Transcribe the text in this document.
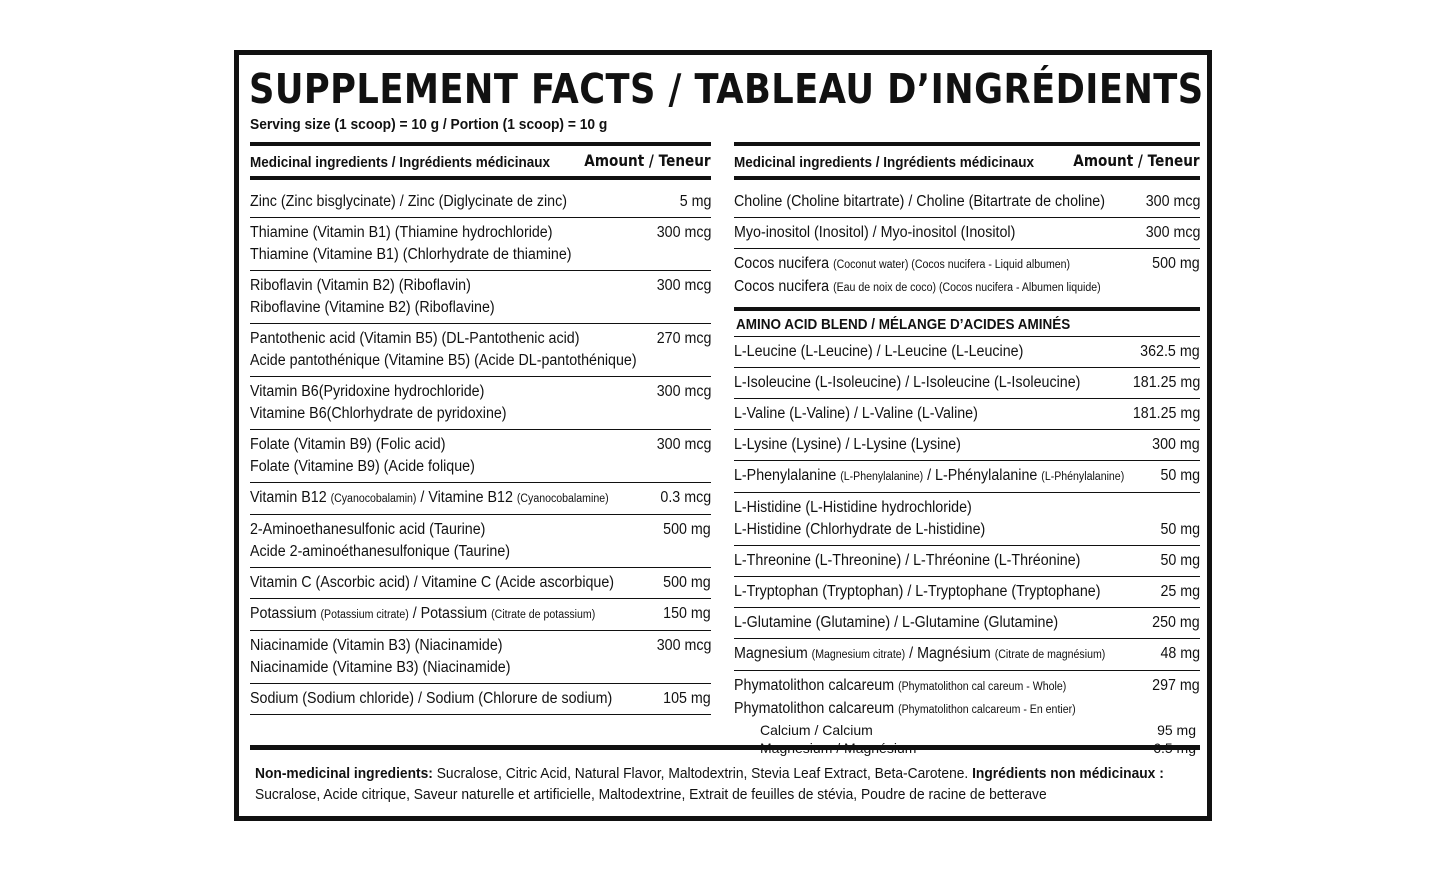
SUPPLEMENT FACTS / TABLEAU D’INGRÉDIENTS
Serving size (1 scoop) = 10 g / Portion (1 scoop) = 10 g
Medicinal ingredients / Ingrédients médicinaux Amount / Teneur
Zinc (Zinc bisglycinate) / Zinc (Diglycinate de zinc)	5 mg
Thiamine (Vitamin B1) (Thiamine hydrochloride)
Thiamine (Vitamine B1) (Chlorhydrate de thiamine)
300 mcg
Riboflavin (Vitamin B2) (Riboflavin)
Riboflavine (Vitamine B2) (Riboflavine)
300 mcg
Pantothenic acid (Vitamin B5) (DL-Pantothenic acid)
Acide pantothénique (Vitamine B5) (Acide DL-pantothénique)
270 mcg
Vitamin B6(Pyridoxine hydrochloride)
Vitamine B6(Chlorhydrate de pyridoxine)
300 mcg
Folate (Vitamin B9) (Folic acid)
Folate (Vitamine B9) (Acide folique)
300 mcg
Vitamin B12 (Cyanocobalamin) / Vitamine B12 (Cyanocobalamine)	0.3 mcg
2-Aminoethanesulfonic acid (Taurine)
Acide 2-aminoéthanesulfonique (Taurine)
500 mg
Vitamin C (Ascorbic acid) / Vitamine C (Acide ascorbique)	500 mg
Potassium (Potassium citrate) / Potassium (Citrate de potassium)	150 mg
Niacinamide (Vitamin B3) (Niacinamide)
Niacinamide (Vitamine B3) (Niacinamide)
300 mcg
Sodium (Sodium chloride) / Sodium (Chlorure de sodium)	105 mg
Medicinal ingredients / Ingrédients médicinaux Amount / Teneur
Choline (Choline bitartrate) / Choline (Bitartrate de choline)	300 mcg
Myo-inositol (Inositol) / Myo-inositol (Inositol)	300 mcg
Cocos nucifera (Coconut water) (Cocos nucifera - Liquid albumen)
Cocos nucifera (Eau de noix de coco) (Cocos nucifera - Albumen liquide)
500 mg
AMINO ACID BLEND / MÉLANGE D’ACIDES AMINÉS
L-Leucine (L-Leucine) / L-Leucine (L-Leucine)	362.5 mg
L-Isoleucine (L-Isoleucine) / L-Isoleucine (L-Isoleucine)	181.25 mg
L-Valine (L-Valine) / L-Valine (L-Valine)	181.25 mg
L-Lysine (Lysine) / L-Lysine (Lysine)	300 mg
L-Phenylalanine (L-Phenylalanine) / L-Phénylalanine (L-Phénylalanine)	50 mg
L-Histidine (L-Histidine hydrochloride)
L-Histidine (Chlorhydrate de L-histidine)	50 mg
L-Threonine (L-Threonine) / L-Thréonine (L-Thréonine)	50 mg
L-Tryptophan (Tryptophan) / L-Tryptophane (Tryptophane)	25 mg
L-Glutamine (Glutamine) / L-Glutamine (Glutamine)	250 mg
Magnesium (Magnesium citrate) / Magnésium (Citrate de magnésium)	48 mg
Phymatolithon calcareum (Phymatolithon cal careum - Whole)
Phymatolithon calcareum (Phymatolithon calcareum - En entier)
297 mg
Calcium / Calcium	95 mg
Magnesium / Magnésium	6.5 mg
Non-medicinal ingredients: Sucralose, Citric Acid, Natural Flavor, Maltodextrin, Stevia Leaf Extract, Beta-Carotene. Ingrédients non médicinaux :
Sucralose, Acide citrique, Saveur naturelle et artificielle, Maltodextrine, Extrait de feuilles de stévia, Poudre de racine de betterave
